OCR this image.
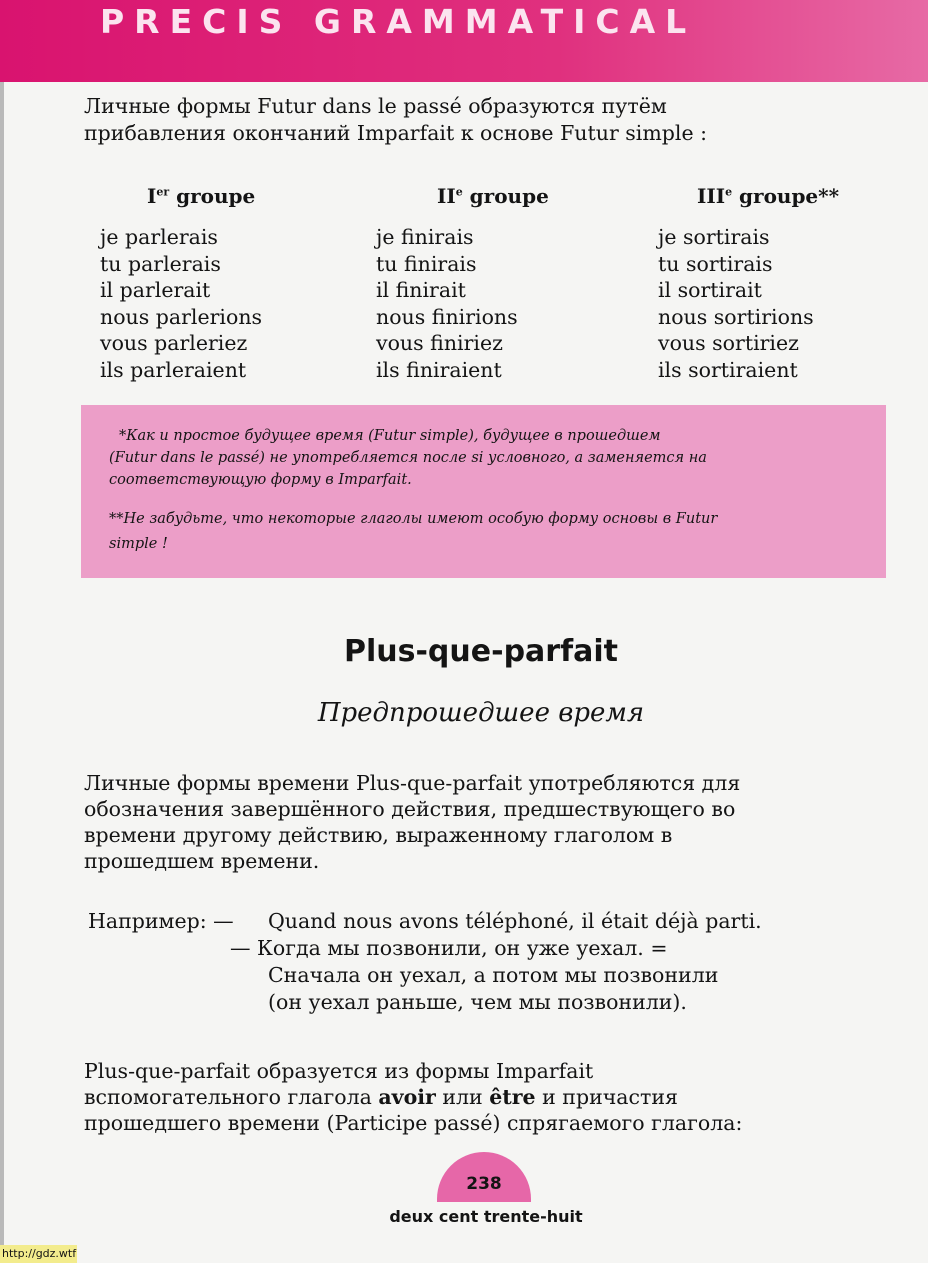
PRECIS GRAMMATICAL
Личные формы Futur dans le passé образуются путём
прибавления окончаний Imparfait к основе Futur simple :
Ier groupe	IIe groupe	IIIe groupe**
je parlerais
tu parlerais
il parlerait
nous parlerions
vous parleriez
ils parleraient
je finirais
tu finirais
il finirait
nous finirions
vous finiriez
ils finiraient
je sortirais
tu sortirais
il sortirait
nous sortirions
vous sortiriez
ils sortiraient

*Как и простое будущее время (Futur simple), будущее в прошедшем

(Futur dans le passé) не употребляется после si условного, а заменяется на

соответствующую форму в Imparfait.

**Не забудьте, что некоторые глаголы имеют особую форму основы в Futur

simple !

Plus-que-parfait
Предпрошедшее время
Личные формы времени Plus-que-parfait употребляются для
обозначения завершённого действия, предшествующего во
времени другому действию, выраженному глаголом в
прошедшем времени.
Например: — Quand nous avons téléphoné, il était déjà parti.
— Когда мы позвонили, он уже уехал. =
Сначала он уехал, а потом мы позвонили
(он уехал раньше, чем мы позвонили).
Plus-que-parfait образуется из формы Imparfait
вспомогательного глагола avoir или être и причастия
прошедшего времени (Participe passé) спрягаемого глагола:
238
deux cent trente-huit
http://gdz.wtf
